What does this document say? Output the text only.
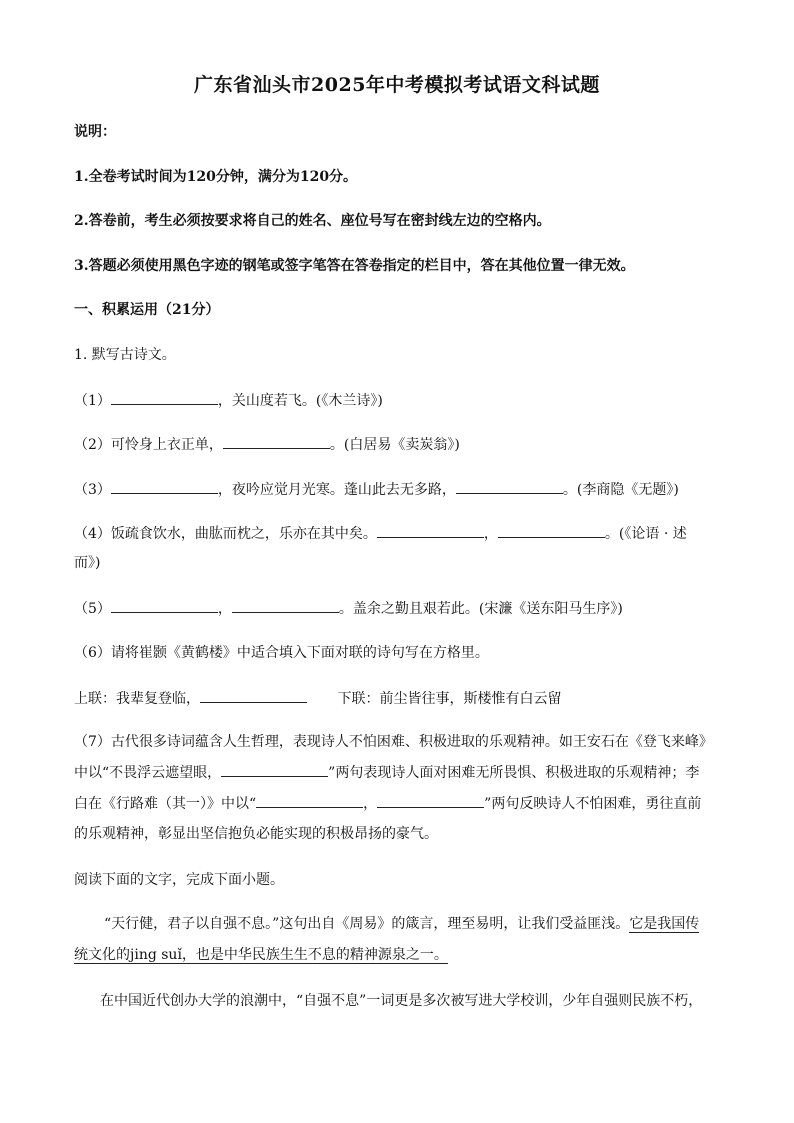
广东省汕头市2025年中考模拟考试语文科试题
说明：
1.全卷考试时间为120分钟，满分为120分。
2.答卷前，考生必须按要求将自己的姓名、座位号写在密封线左边的空格内。
3.答题必须使用黑色字迹的钢笔或签字笔答在答卷指定的栏目中，答在其他位置一律无效。
一、积累运用（21分）
1. 默写古诗文。
（1）	，关山度若飞。(《木兰诗》)
（2）可怜身上衣正单，	。(白居易《卖炭翁》)
（3）	，夜吟应觉月光寒。蓬山此去无多路，	。(李商隐《无题》)
（4）饭疏食饮水，曲肱而枕之，乐亦在其中矣。	，	。(《论语 · 述
而》)
（5）	，	。盖余之勤且艰若此。(宋濂《送东阳马生序》)
（6）请将崔颢《黄鹤楼》中适合填入下面对联的诗句写在方格里。
上联：我辈复登临，	下联：前尘皆往事，斯楼惟有白云留
（7）古代很多诗词蕴含人生哲理，表现诗人不怕困难、积极进取的乐观精神。如王安石在《登飞来峰》
中以“不畏浮云遮望眼，	”两句表现诗人面对困难无所畏惧、积极进取的乐观精神；李
白在《行路难（其一）》中以“	，	”两句反映诗人不怕困难，勇往直前
的乐观精神，彰显出坚信抱负必能实现的积极昂扬的豪气。
阅读下面的文字，完成下面小题。
“天行健，君子以自强不息。”这句出自《周易》的箴言，理至易明，让我们受益匪浅。它是我国传
统文化的jing suǐ，也是中华民族生生不息的精神源泉之一。
在中国近代创办大学的浪潮中，“自强不息”一词更是多次被写进大学校训，少年自强则民族不朽，
